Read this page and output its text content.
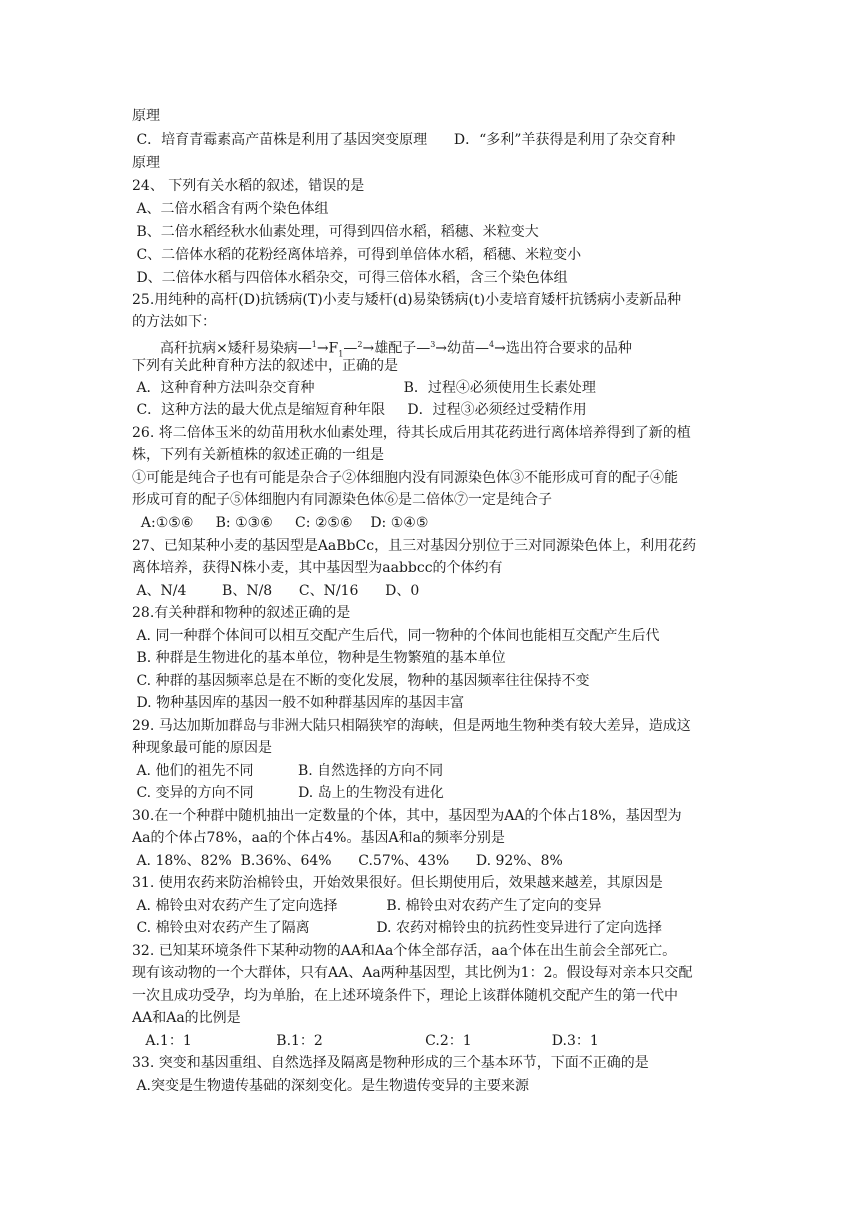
原理
C．培育青霉素高产苗株是利用了基因突变原理      D．“多利”羊获得是利用了杂交育种
原理
24、 下列有关水稻的叙述，错误的是
A、二倍水稻含有两个染色体组
B、二倍水稻经秋水仙素处理，可得到四倍水稻，稻穗、米粒变大
C、二倍体水稻的花粉经离体培养，可得到单倍体水稻，稻穗、米粒变小
D、二倍体水稻与四倍体水稻杂交，可得三倍体水稻，含三个染色体组
25.用纯种的高杆(D)抗锈病(T)小麦与矮杆(d)易染锈病(t)小麦培育矮杆抗锈病小麦新品种
的方法如下：
高秆抗病×矮秆易染病$—^1\to F_1—^2\to$雄配子—$^3$→幼苗—$^4$→选出符合要求的品种
下列有关此种育种方法的叙述中，正确的是
A．这种育种方法叫杂交育种                    B．过程④必须使用生长素处理
C．这种方法的最大优点是缩短育种年限     D．过程③必须经过受精作用
26. 将二倍体玉米的幼苗用秋水仙素处理，待其长成后用其花药进行离体培养得到了新的植
株，下列有关新植株的叙述正确的一组是
①可能是纯合子也有可能是杂合子②体细胞内没有同源染色体③不能形成可育的配子④能
形成可育的配子⑤体细胞内有同源染色体⑥是二倍体⑦一定是纯合子
A:①⑤⑥     B: ①③⑥     C: ②⑤⑥    D: ①④⑤
27、已知某种小麦的基因型是AaBbCc，且三对基因分别位于三对同源染色体上，利用花药
离体培养，获得N株小麦，其中基因型为aabbcc的个体约有
A、N/4        B、N/8      C、N/16      D、0
28.有关种群和物种的叙述正确的是
A. 同一种群个体间可以相互交配产生后代，同一物种的个体间也能相互交配产生后代
B. 种群是生物进化的基本单位，物种是生物繁殖的基本单位
C. 种群的基因频率总是在不断的变化发展，物种的基因频率往往保持不变
D. 物种基因库的基因一般不如种群基因库的基因丰富
29. 马达加斯加群岛与非洲大陆只相隔狭窄的海峡，但是两地生物种类有较大差异，造成这
种现象最可能的原因是
A. 他们的祖先不同          B. 自然选择的方向不同
C. 变异的方向不同          D. 岛上的生物没有进化
30.在一个种群中随机抽出一定数量的个体，其中，基因型为AA的个体占18%，基因型为
Aa的个体占78%，aa的个体占4%。基因A和a的频率分别是
A. 18%、82%  B.36%、64%      C.57%、43%      D. 92%、8%
31. 使用农药来防治棉铃虫，开始效果很好。但长期使用后，效果越来越差，其原因是
A. 棉铃虫对农药产生了定向选择           B. 棉铃虫对农药产生了定向的变异
C. 棉铃虫对农药产生了隔离               D. 农药对棉铃虫的抗药性变异进行了定向选择
32. 已知某环境条件下某种动物的AA和Aa个体全部存活，aa个体在出生前会全部死亡。
现有该动物的一个大群体，只有AA、Aa两种基因型，其比例为1：2。假设每对亲本只交配
一次且成功受孕，均为单胎，在上述环境条件下，理论上该群体随机交配产生的第一代中
AA和Aa的比例是
A.1：1                   B.1：2                       C.2：1                  D.3：1
33. 突变和基因重组、自然选择及隔离是物种形成的三个基本环节，下面不正确的是
A.突变是生物遗传基础的深刻变化。是生物遗传变异的主要来源
